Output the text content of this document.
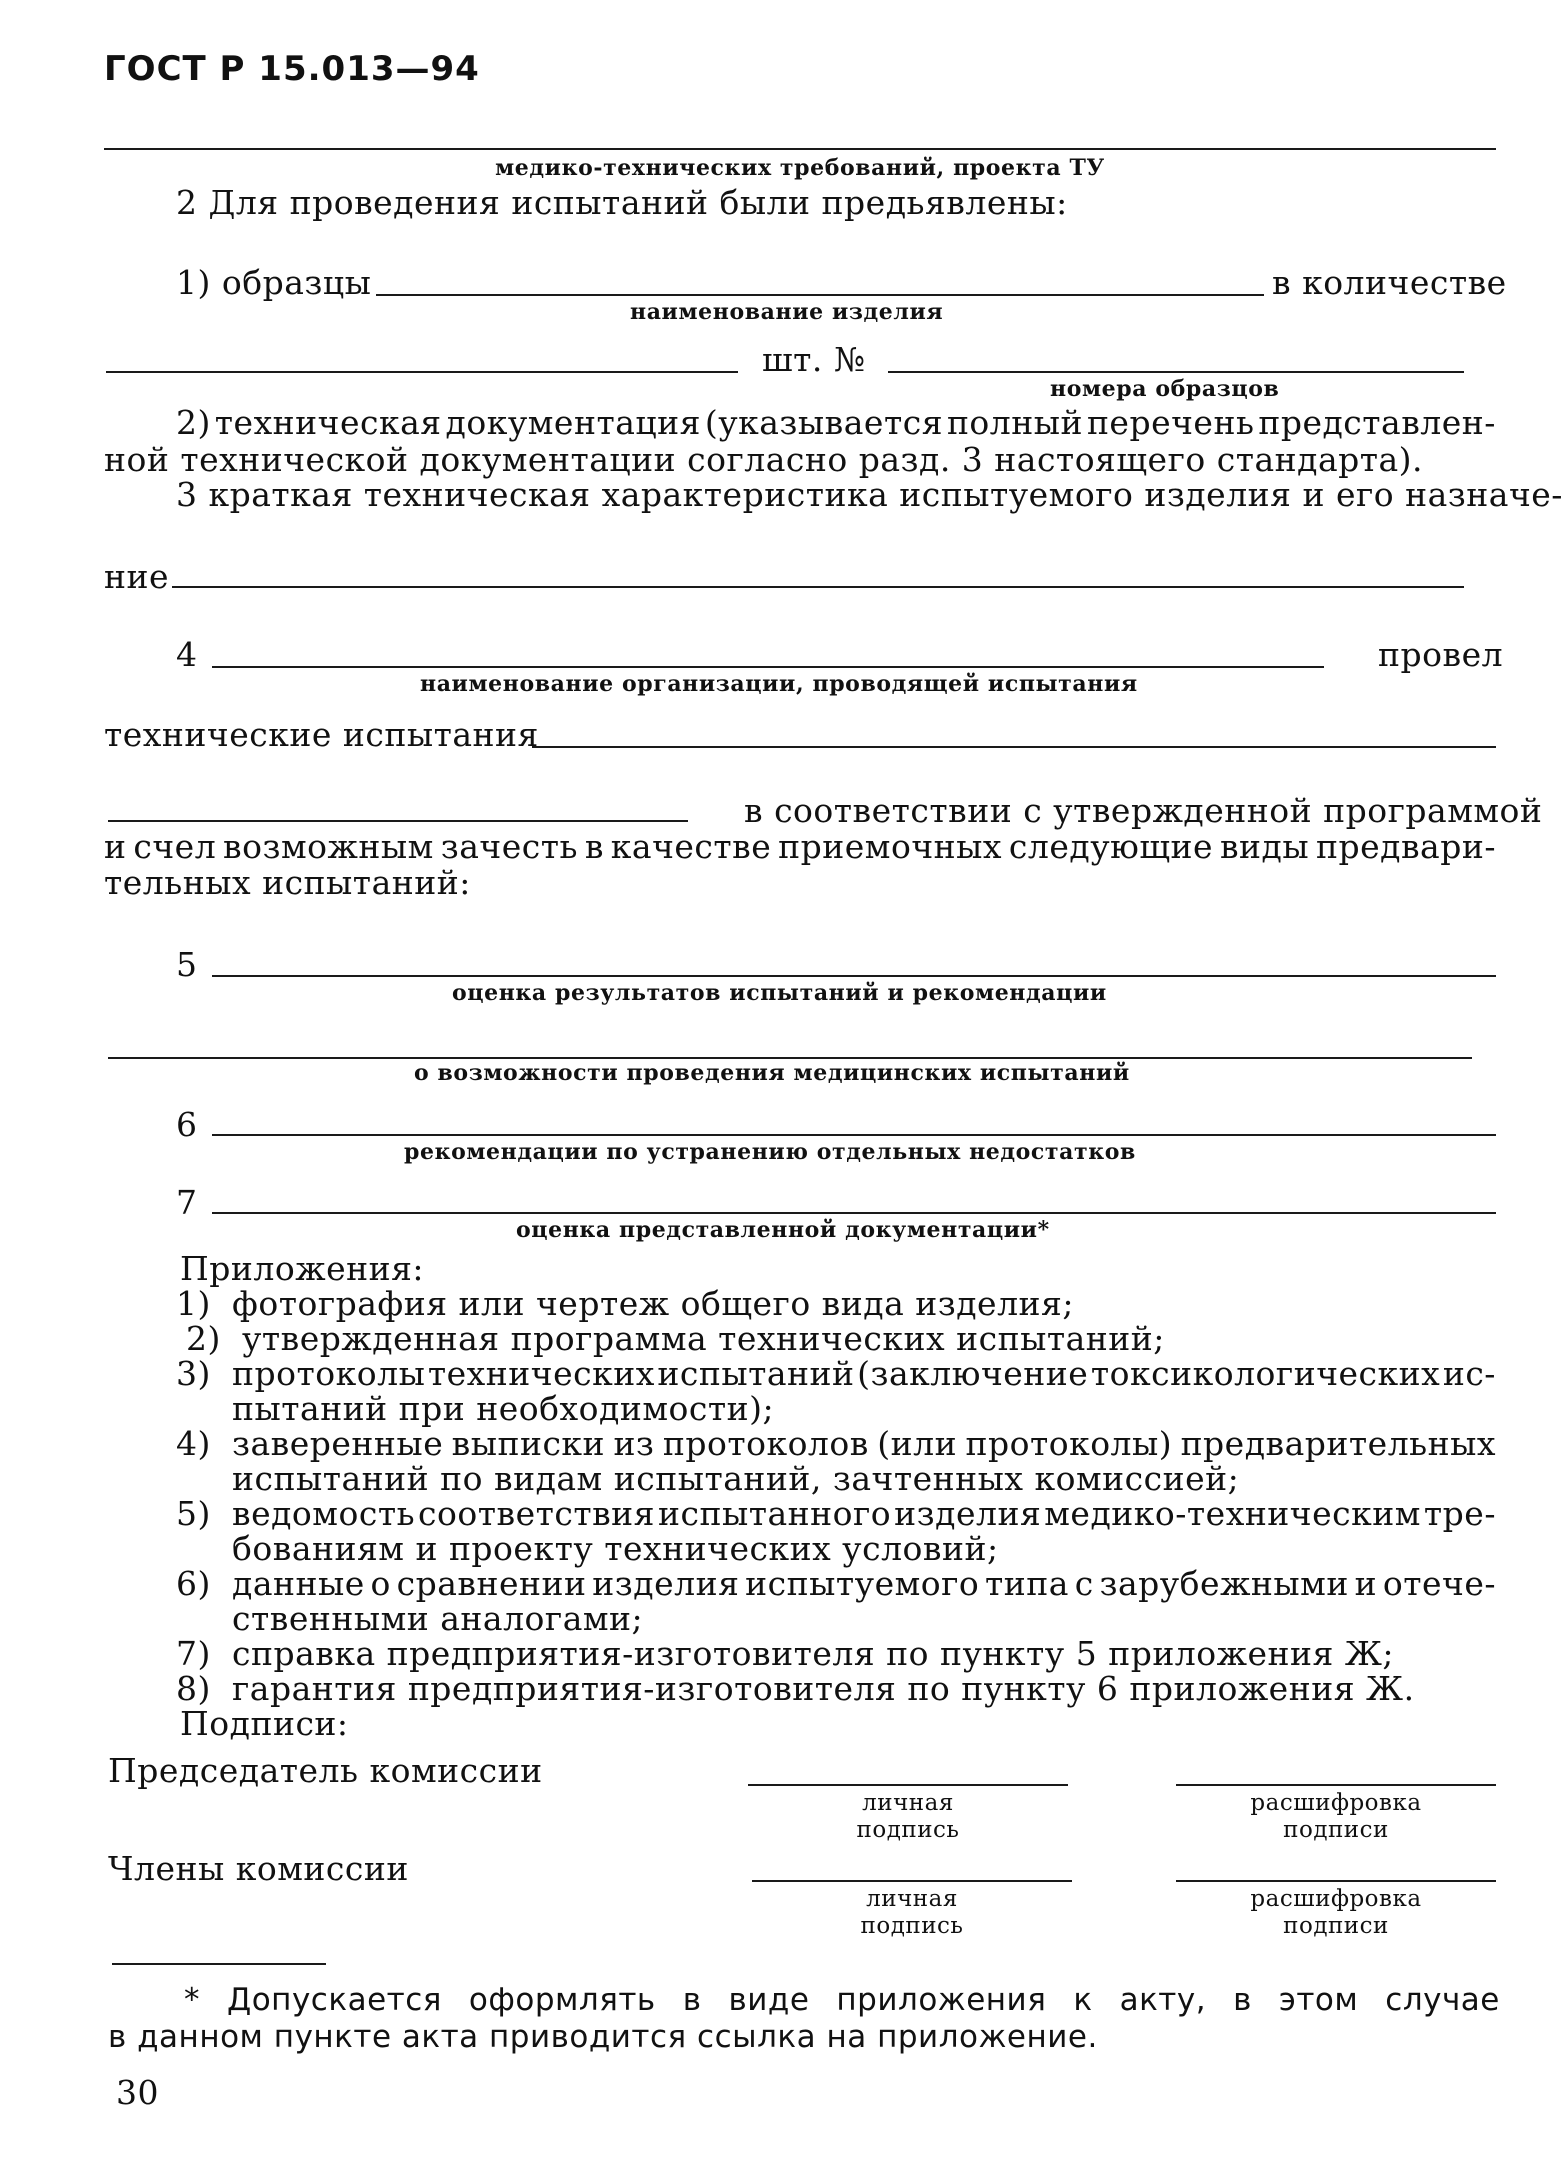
ГОСТ Р 15.013—94
медико-технических требований, проекта ТУ
2 Для проведения испытаний были предьявлены:
1) образцы	в количестве
наименование изделия
шт. №
номера образцов
2) техническая документация (указывается полный перечень представлен-
ной технической документации согласно разд. 3 настоящего стандарта).
3 краткая техническая характеристика испытуемого изделия и его назначе-
ние
4	провел
наименование организации, проводящей испытания
технические испытания
в соответствии с утвержденной программой
и счел возможным зачесть в качестве приемочных следующие виды предвари-
тельных испытаний:
5
оценка результатов испытаний и рекомендации
о возможности проведения медицинских испытаний
6
рекомендации по устранению отдельных недостатков
7
оценка представленной документации*
Приложения:
1) фотография или чертеж общего вида изделия;
2) утвержденная программа технических испытаний;
3) протоколы технических испытаний (заключение токсикологических ис-
пытаний при необходимости);
4) заверенные выписки из протоколов (или протоколы) предварительных
испытаний по видам испытаний, зачтенных комиссией;
5) ведомость соответствия испытанного изделия медико-техническим тре-
бованиям и проекту технических условий;
6) данные о сравнении изделия испытуемого типа с зарубежными и отече-
ственными аналогами;
7) справка предприятия-изготовителя по пункту 5 приложения Ж;
8) гарантия предприятия-изготовителя по пункту 6 приложения Ж.
Подписи:
Председатель комиссии
личная
подпись
расшифровка
подписи
Члены комиссии
личная
подпись
расшифровка
подписи
* Допускается оформлять в виде приложения к акту, в этом случае
в данном пункте акта приводится ссылка на приложение.
30
